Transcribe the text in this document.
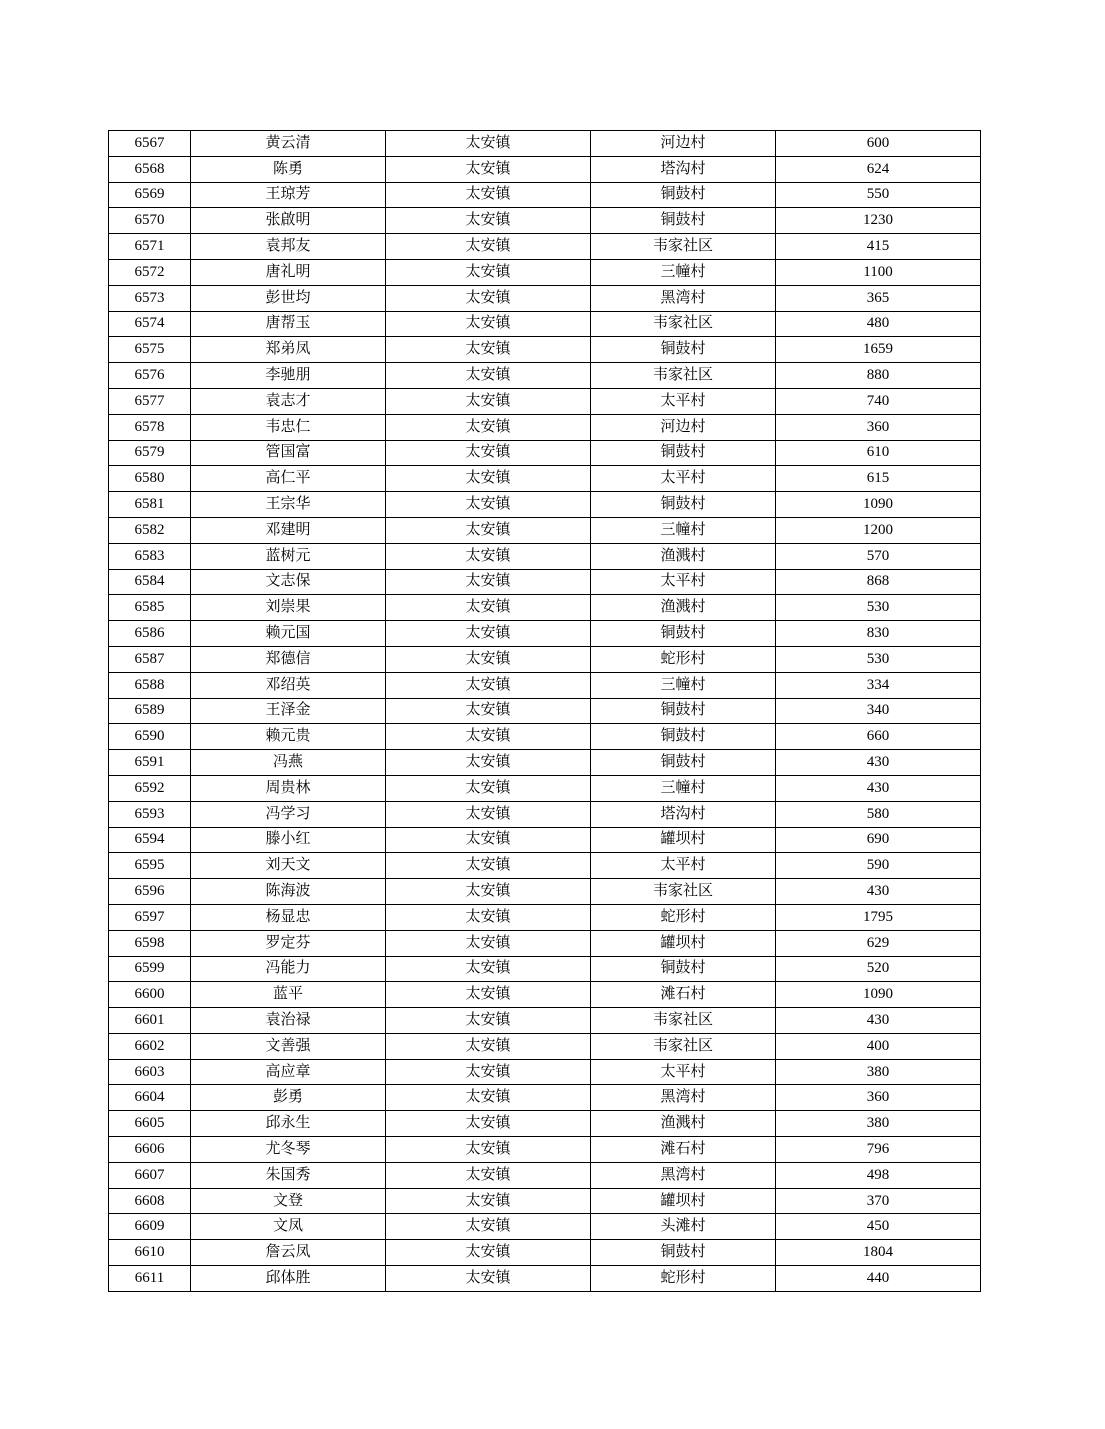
6567	黄云清	太安镇	河边村	600
6568	陈勇	太安镇	塔沟村	624
6569	王琼芳	太安镇	铜鼓村	550
6570	张啟明	太安镇	铜鼓村	1230
6571	袁邦友	太安镇	韦家社区	415
6572	唐礼明	太安镇	三幢村	1100
6573	彭世均	太安镇	黑湾村	365
6574	唐帮玉	太安镇	韦家社区	480
6575	郑弟凤	太安镇	铜鼓村	1659
6576	李驰朋	太安镇	韦家社区	880
6577	袁志才	太安镇	太平村	740
6578	韦忠仁	太安镇	河边村	360
6579	管国富	太安镇	铜鼓村	610
6580	高仁平	太安镇	太平村	615
6581	王宗华	太安镇	铜鼓村	1090
6582	邓建明	太安镇	三幢村	1200
6583	蓝树元	太安镇	渔溅村	570
6584	文志保	太安镇	太平村	868
6585	刘崇果	太安镇	渔溅村	530
6586	赖元国	太安镇	铜鼓村	830
6587	郑德信	太安镇	蛇形村	530
6588	邓绍英	太安镇	三幢村	334
6589	王泽金	太安镇	铜鼓村	340
6590	赖元贵	太安镇	铜鼓村	660
6591	冯燕	太安镇	铜鼓村	430
6592	周贵林	太安镇	三幢村	430
6593	冯学习	太安镇	塔沟村	580
6594	滕小红	太安镇	罐坝村	690
6595	刘天文	太安镇	太平村	590
6596	陈海波	太安镇	韦家社区	430
6597	杨显忠	太安镇	蛇形村	1795
6598	罗定芬	太安镇	罐坝村	629
6599	冯能力	太安镇	铜鼓村	520
6600	蓝平	太安镇	滩石村	1090
6601	袁治禄	太安镇	韦家社区	430
6602	文善强	太安镇	韦家社区	400
6603	高应章	太安镇	太平村	380
6604	彭勇	太安镇	黑湾村	360
6605	邱永生	太安镇	渔溅村	380
6606	尤冬琴	太安镇	滩石村	796
6607	朱国秀	太安镇	黑湾村	498
6608	文登	太安镇	罐坝村	370
6609	文凤	太安镇	头滩村	450
6610	詹云凤	太安镇	铜鼓村	1804
6611	邱体胜	太安镇	蛇形村	440
